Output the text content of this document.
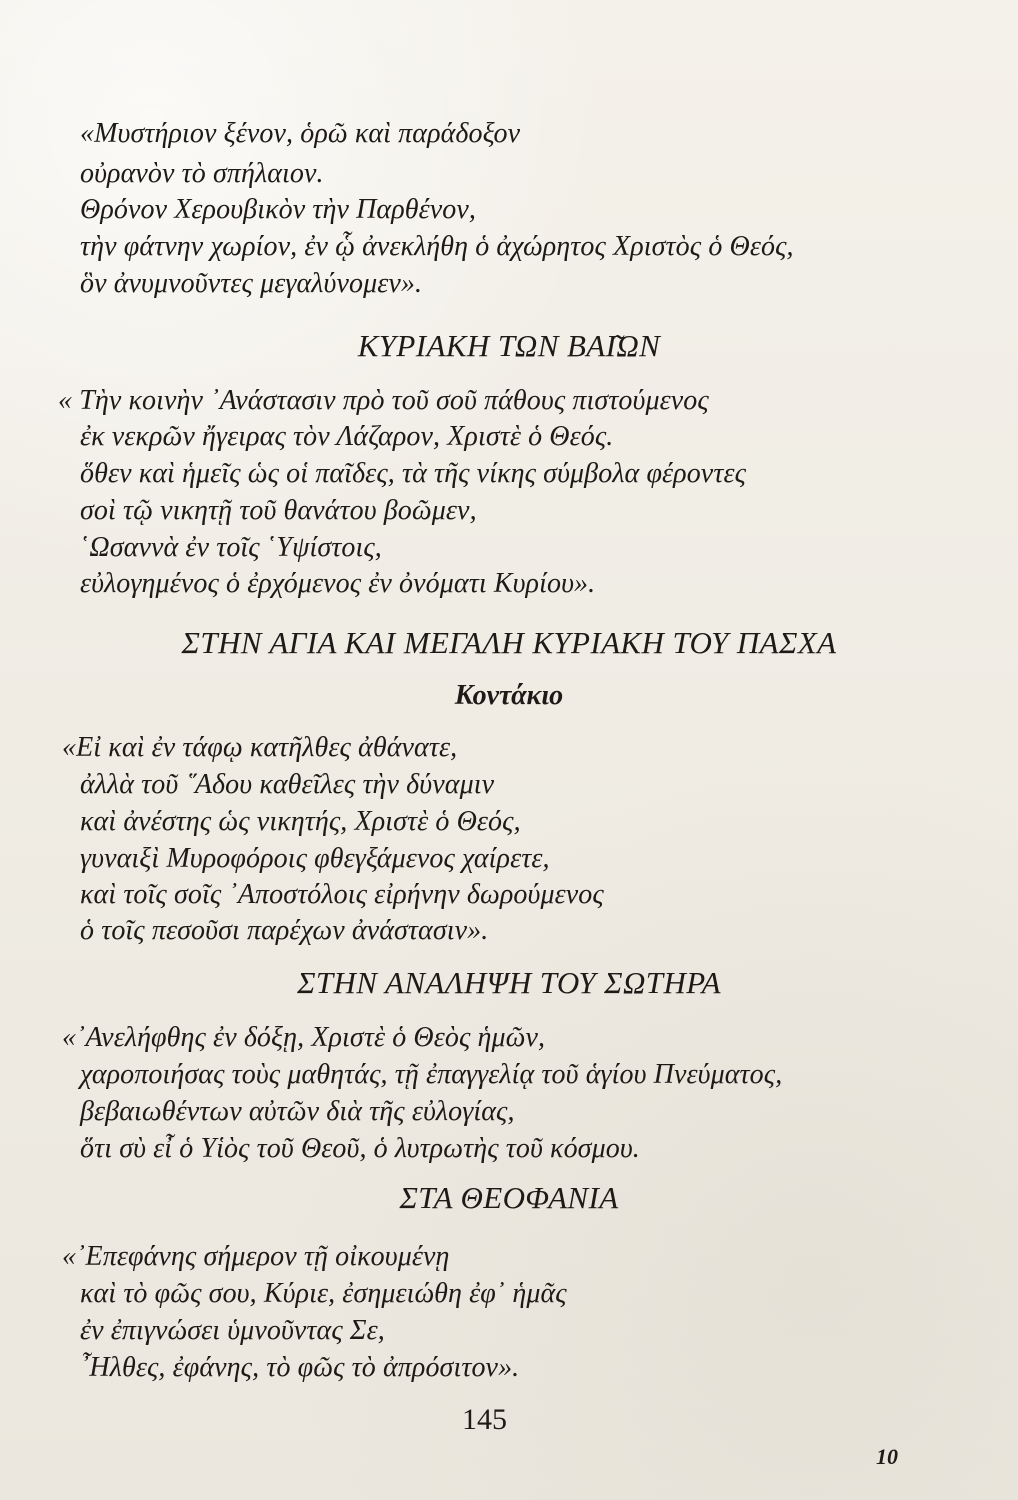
«Μυστήριον ξένον, ὁρῶ καὶ παράδοξον
οὐρανὸν τὸ σπήλαιον.
Θρόνον Χερουβικὸν τὴν Παρθένον,
τὴν φάτνην χωρίον, ἐν ᾧ ἀνεκλήθη ὁ ἀχώρητος Χριστὸς ὁ Θεός,
ὃν ἀνυμνοῦντες μεγαλύνομεν».
ΚΥΡΙΑΚΗ ΤΩΝ ΒΑΙ͂ΩΝ
« Τὴν κοινὴν ᾿Ανάστασιν πρὸ τοῦ σοῦ πάθους πιστούμενος
ἐκ νεκρῶν ἤγειρας τὸν Λάζαρον, Χριστὲ ὁ Θεός.
ὅθεν καὶ ἡμεῖς ὡς οἱ παῖδες, τὰ τῆς νίκης σύμβολα φέροντες
σοὶ τῷ νικητῇ τοῦ θανάτου βοῶμεν,
῾Ωσαννὰ ἐν τοῖς ῾Υψίστοις,
εὐλογημένος ὁ ἐρχόμενος ἐν ὀνόματι Κυρίου».
ΣΤΗΝ ΑΓΙΑ ΚΑΙ ΜΕΓΑΛΗ ΚΥΡΙΑΚΗ ΤΟΥ ΠΑΣΧΑ
Κοντάκιο
«Εἰ καὶ ἐν τάφῳ κατῆλθες ἀθάνατε,
ἀλλὰ τοῦ ῞Αδου καθεῖλες τὴν δύναμιν
καὶ ἀνέστης ὡς νικητής, Χριστὲ ὁ Θεός,
γυναιξὶ Μυροφόροις φθεγξάμενος χαίρετε,
καὶ τοῖς σοῖς ᾿Αποστόλοις εἰρήνην δωρούμενος
ὁ τοῖς πεσοῦσι παρέχων ἀνάστασιν».
ΣΤΗΝ ΑΝΑΛΗΨΗ ΤΟΥ ΣΩΤΗΡΑ
«᾿Ανελήφθης ἐν δόξῃ, Χριστὲ ὁ Θεὸς ἡμῶν,
χαροποιήσας τοὺς μαθητάς, τῇ ἐπαγγελίᾳ τοῦ ἁγίου Πνεύματος,
βεβαιωθέντων αὐτῶν διὰ τῆς εὐλογίας,
ὅτι σὺ εἶ ὁ Υἱὸς τοῦ Θεοῦ, ὁ λυτρωτὴς τοῦ κόσμου.
ΣΤΑ ΘΕΟΦΑΝΙΑ
«᾿Επεφάνης σήμερον τῇ οἰκουμένῃ
καὶ τὸ φῶς σου, Κύριε, ἐσημειώθη ἐφ᾿ ἡμᾶς
ἐν ἐπιγνώσει ὑμνοῦντας Σε,
῏Ηλθες, ἐφάνης, τὸ φῶς τὸ ἀπρόσιτον».
145
10
